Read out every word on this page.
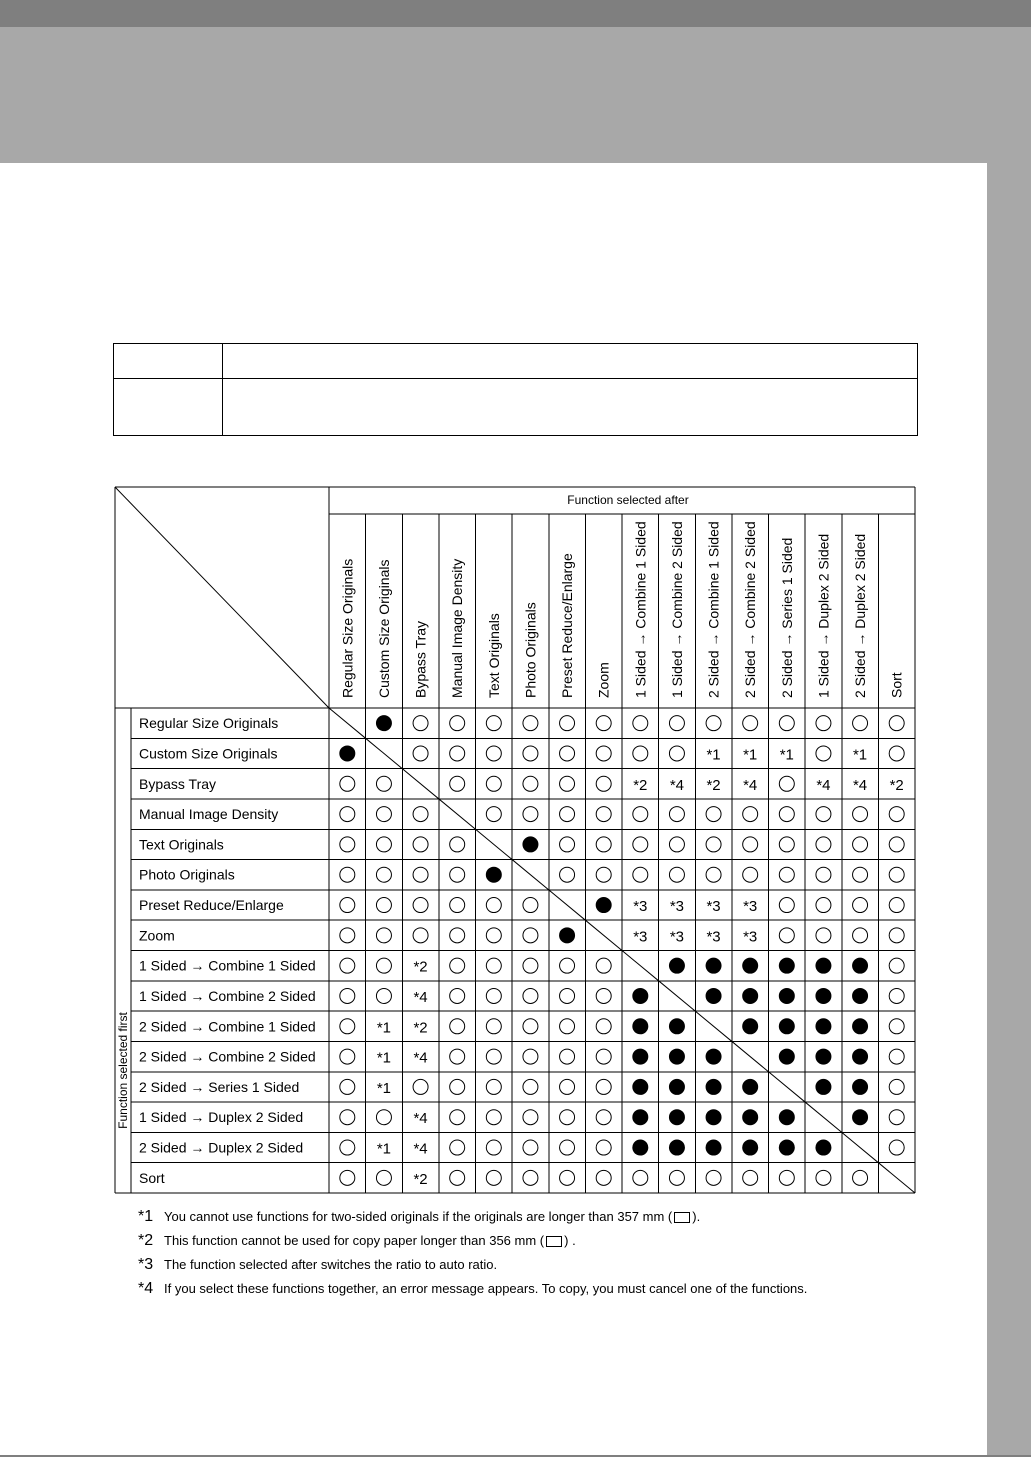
Function selected after
Function selected first
Regular Size Originals Custom Size Originals Bypass Tray Manual Image Density Text Originals Photo Originals Preset Reduce/Enlarge Zoom 1 Sided → Combine 1 Sided 1 Sided → Combine 2 Sided 2 Sided → Combine 1 Sided 2 Sided → Combine 2 Sided 2 Sided → Series 1 Sided 1 Sided → Duplex 2 Sided 2 Sided → Duplex 2 Sided Sort
Regular Size Originals
Custom Size Originals
Bypass Tray
Manual Image Density
Text Originals
Photo Originals
Preset Reduce/Enlarge
Zoom
1 Sided → Combine 1 Sided
1 Sided → Combine 2 Sided
2 Sided → Combine 1 Sided
2 Sided → Combine 2 Sided
2 Sided → Series 1 Sided
1 Sided → Duplex 2 Sided
2 Sided → Duplex 2 Sided
Sort
*1 *1 *1	*1
*2 *4 *2 *4	*4 *4 *2
*3 *3 *3 *3
*3 *3 *3 *3
*2
*4
*1 *2
*1 *4
*1
*4
*1 *4
*2
*1 You cannot use functions for two-sided originals if the originals are longer than 357 mm ( ).
*2 This function cannot be used for copy paper longer than 356 mm ( ) .
*3 The function selected after switches the ratio to auto ratio.
*4 If you select these functions together, an error message appears. To copy, you must cancel one of the functions.
